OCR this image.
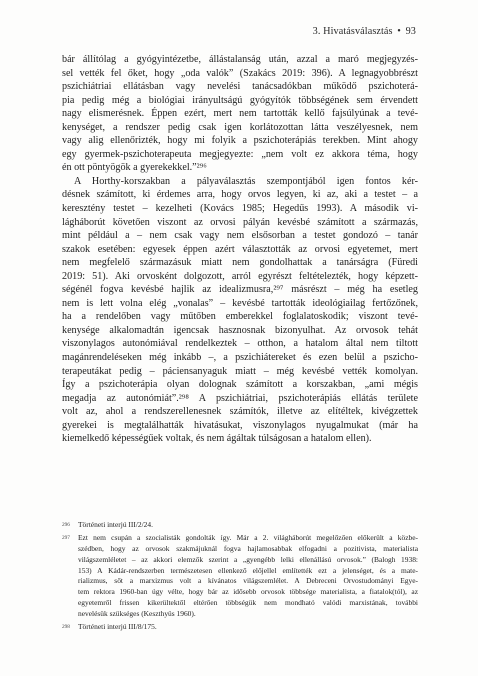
3. Hivatásválasztás • 93
bár állítólag a gyógyintézetbe, állástalanság után, azzal a maró megjegyzés-
sel vették fel őket, hogy „oda valók” (Szakács 2019: 396). A legnagyobbrészt
pszichiátriai ellátásban vagy nevelési tanácsadókban működő pszichoterá-
pia pedig még a biológiai irányultságú gyógyítók többségének sem érvendett
nagy elismerésnek. Éppen ezért, mert nem tartották kellő fajsúlyúnak a tevé-
kenységet, a rendszer pedig csak igen korlátozottan látta veszélyesnek, nem
vagy alig ellenőrizték, hogy mi folyik a pszichoterápiás terekben. Mint ahogy
egy gyermek-pszichoterapeuta megjegyezte: „nem volt ez akkora téma, hogy
én ott pöntyögök a gyerekekkel.”²⁹⁶
A Horthy-korszakban a pályaválasztás szempontjából igen fontos kér-
désnek számított, ki érdemes arra, hogy orvos legyen, ki az, aki a testet – a
keresztény testet – kezelheti (Kovács 1985; Hegedűs 1993). A második vi-
lágháborút követően viszont az orvosi pályán kevésbé számított a származás,
mint például a – nem csak vagy nem elsősorban a testet gondozó – tanár
szakok esetében: egyesek éppen azért választották az orvosi egyetemet, mert
nem megfelelő származásuk miatt nem gondolhattak a tanárságra (Füredi
2019: 51). Aki orvosként dolgozott, arról egyrészt feltételezték, hogy képzett-
ségénél fogva kevésbé hajlik az idealizmusra,²⁹⁷ másrészt – még ha esetleg
nem is lett volna elég „vonalas” – kevésbé tartották ideológiailag fertőzőnek,
ha a rendelőben vagy műtőben emberekkel foglalatoskodik; viszont tevé-
kenysége alkalomadtán igencsak hasznosnak bizonyulhat. Az orvosok tehát
viszonylagos autonómiával rendelkeztek – otthon, a hatalom által nem tiltott
magánrendeléseken még inkább –, a pszichiátereket és ezen belül a pszicho-
terapeutákat pedig – páciensanyaguk miatt – még kevésbé vették komolyan.
Így a pszichoterápia olyan dolognak számított a korszakban, „ami mégis
megadja az autonómiát”.²⁹⁸ A pszichiátriai, pszichoterápiás ellátás területe
volt az, ahol a rendszerellenesnek számítók, illetve az elítéltek, kivégzettek
gyerekei is megtalálhatták hivatásukat, viszonylagos nyugalmukat (már ha
kiemelkedő képességűek voltak, és nem ágáltak túlságosan a hatalom ellen).
296 Történeti interjú III/2/24.
297 Ezt nem csupán a szocialisták gondolták így. Már a 2. világháborút megelőzően előkerült a közbe-
szédben, hogy az orvosok szakmájuknál fogva hajlamosabbak elfogadni a pozitivista, materialista
világszemléletet – az akkori elemzők szerint a „gyengébb lelki ellenállású orvosok.” (Balogh 1938:
153) A Kádár-rendszerben természetesen ellenkező előjellel említették ezt a jelenséget, és a mate-
rializmus, sőt a marxizmus volt a kívánatos világszemlélet. A Debreceni Orvostudományi Egye-
tem rektora 1960-ban úgy vélte, hogy bár az idősebb orvosok többsége materialista, a fiatalok(tól), az
egyetemről frissen kikerültektől eltérően többségük nem mondható valódi marxistának, további
nevelésük szükséges (Keszthyüs 1960).
298 Történeti interjú III/8/175.
